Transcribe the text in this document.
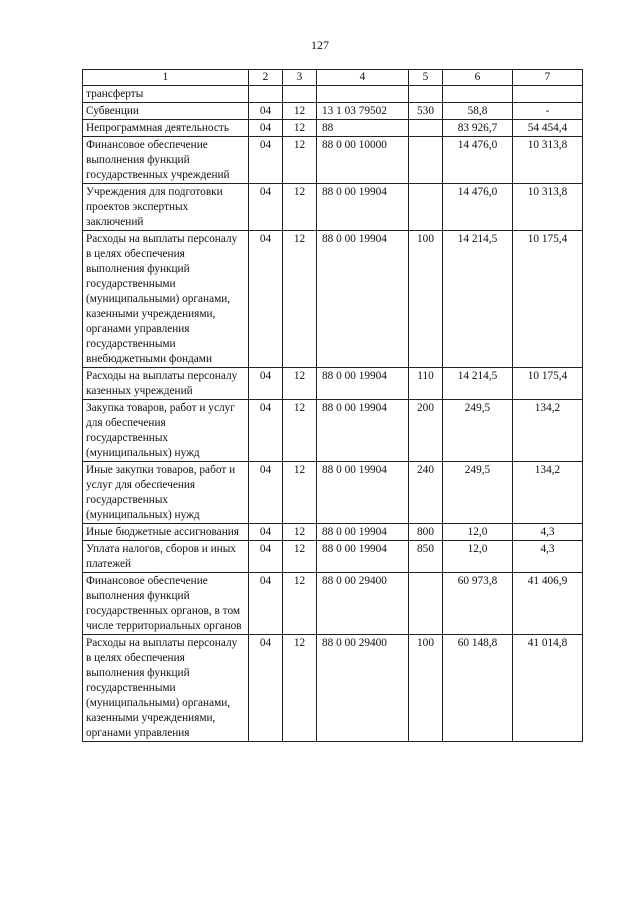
127
1	2	3	4	5	6	7
трансферты						
Субвенции	04	12	13 1 03 79502	530	58,8	-
Непрограммная деятельность	04	12	88		83 926,7	54 454,4
Финансовое обеспечение выполнения функций государственных учреждений	04	12	88 0 00 10000		14 476,0	10 313,8
Учреждения для подготовки проектов экспертных заключений	04	12	88 0 00 19904		14 476,0	10 313,8
Расходы на выплаты персоналу в целях обеспечения выполнения функций государственными (муниципальными) органами, казенными учреждениями, органами управления государственными внебюджетными фондами	04	12	88 0 00 19904	100	14 214,5	10 175,4
Расходы на выплаты персоналу казенных учреждений	04	12	88 0 00 19904	110	14 214,5	10 175,4
Закупка товаров, работ и услуг для обеспечения государственных (муниципальных) нужд	04	12	88 0 00 19904	200	249,5	134,2
Иные закупки товаров, работ и услуг для обеспечения государственных (муниципальных) нужд	04	12	88 0 00 19904	240	249,5	134,2
Иные бюджетные ассигнования	04	12	88 0 00 19904	800	12,0	4,3
Уплата налогов, сборов и иных платежей	04	12	88 0 00 19904	850	12,0	4,3
Финансовое обеспечение выполнения функций государственных органов, в том числе территориальных органов	04	12	88 0 00 29400		60 973,8	41 406,9
Расходы на выплаты персоналу в целях обеспечения выполнения функций государственными (муниципальными) органами, казенными учреждениями, органами управления	04	12	88 0 00 29400	100	60 148,8	41 014,8
